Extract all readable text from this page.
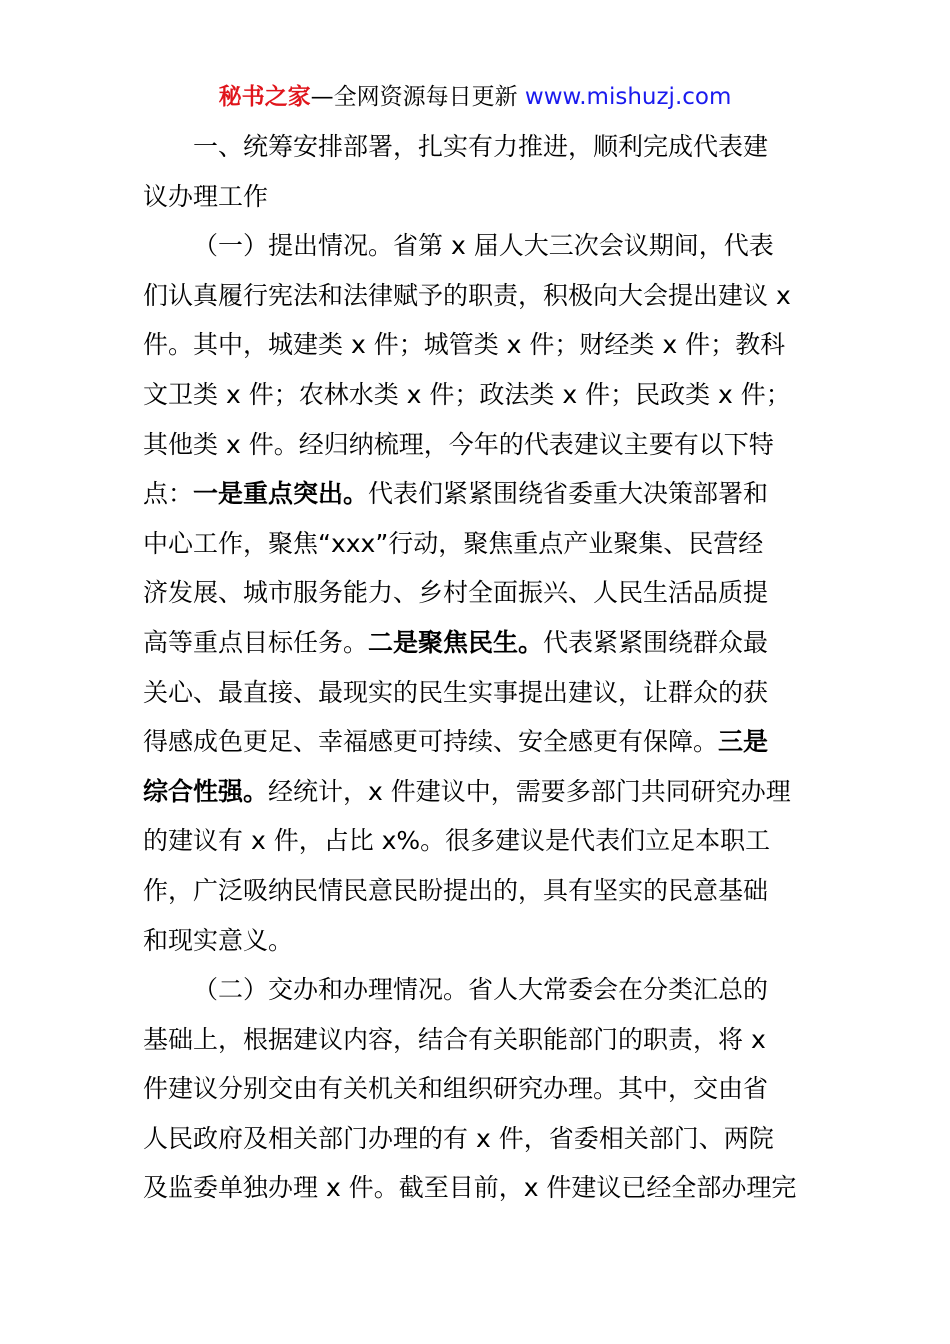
秘书之家—全网资源每日更新 www.mishuzj.com
一、统筹安排部署，扎实有力推进，顺利完成代表建
议办理工作
（一）提出情况。省第 x 届人大三次会议期间，代表
们认真履行宪法和法律赋予的职责，积极向大会提出建议 x
件。其中，城建类 x 件；城管类 x 件；财经类 x 件；教科
文卫类 x 件；农林水类 x 件；政法类 x 件；民政类 x 件；
其他类 x 件。经归纳梳理，今年的代表建议主要有以下特
点：一是重点突出。代表们紧紧围绕省委重大决策部署和
中心工作，聚焦“xxx”行动，聚焦重点产业聚集、民营经
济发展、城市服务能力、乡村全面振兴、人民生活品质提
高等重点目标任务。二是聚焦民生。代表紧紧围绕群众最
关心、最直接、最现实的民生实事提出建议，让群众的获
得感成色更足、幸福感更可持续、安全感更有保障。三是
综合性强。经统计，x 件建议中，需要多部门共同研究办理
的建议有 x 件，占比 x%。很多建议是代表们立足本职工
作，广泛吸纳民情民意民盼提出的，具有坚实的民意基础
和现实意义。
（二）交办和办理情况。省人大常委会在分类汇总的
基础上，根据建议内容，结合有关职能部门的职责，将 x
件建议分别交由有关机关和组织研究办理。其中，交由省
人民政府及相关部门办理的有 x 件，省委相关部门、两院
及监委单独办理 x 件。截至目前，x 件建议已经全部办理完
